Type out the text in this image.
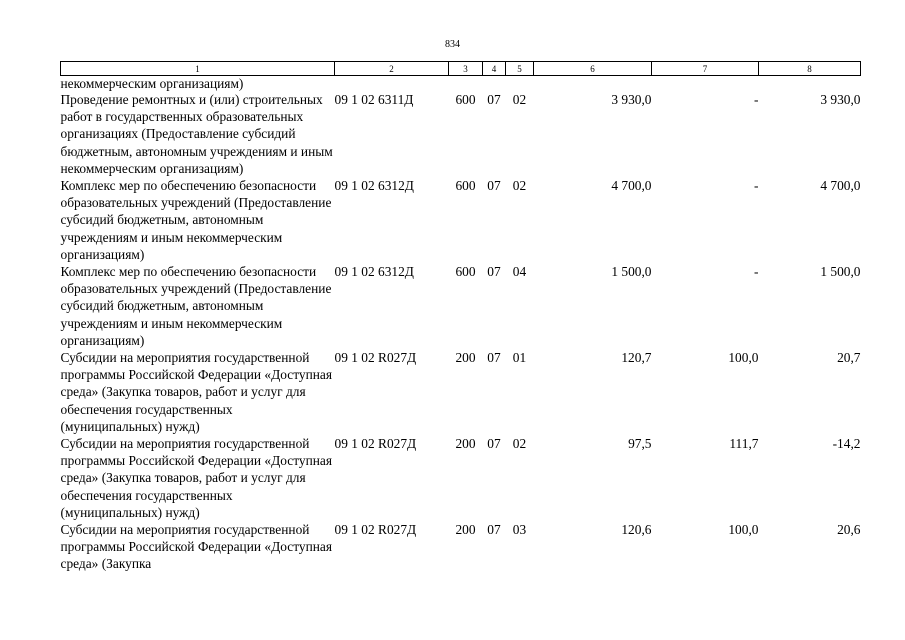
834
1	2	3	4	5	6	7	8
некоммерческим организациям)							
Проведение ремонтных и (или) строительных работ в государственных образовательных организациях (Предоставление субсидий бюджетным, автономным учреждениям и иным некоммерческим организациям)	09 1 02 6311Д	600	07	02	3 930,0	-	3 930,0
Комплекс мер по обеспечению безопасности образовательных учреждений (Предоставление субсидий бюджетным, автономным учреждениям и иным некоммерческим организациям)	09 1 02 6312Д	600	07	02	4 700,0	-	4 700,0
Комплекс мер по обеспечению безопасности образовательных учреждений (Предоставление субсидий бюджетным, автономным учреждениям и иным некоммерческим организациям)	09 1 02 6312Д	600	07	04	1 500,0	-	1 500,0
Субсидии на мероприятия государственной программы Российской Федерации «Доступная среда» (Закупка товаров, работ и услуг для обеспечения государственных (муниципальных) нужд)	09 1 02 R027Д	200	07	01	120,7	100,0	20,7
Субсидии на мероприятия государственной программы Российской Федерации «Доступная среда» (Закупка товаров, работ и услуг для обеспечения государственных (муниципальных) нужд)	09 1 02 R027Д	200	07	02	97,5	111,7	-14,2
Субсидии на мероприятия государственной программы Российской Федерации «Доступная среда» (Закупка	09 1 02 R027Д	200	07	03	120,6	100,0	20,6
